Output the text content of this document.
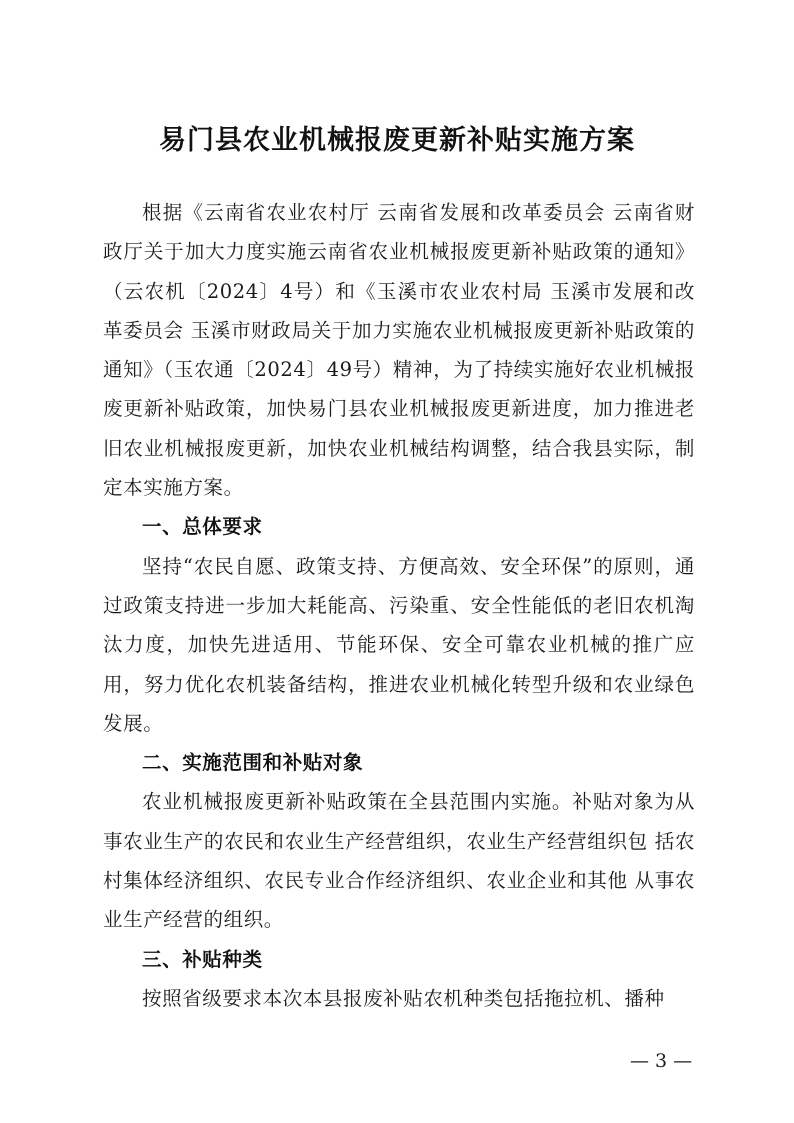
易门县农业机械报废更新补贴实施方案

根据《云南省农业农村厅 云南省发展和改革委员会 云南省财政厅关于加大力度实施云南省农业机械报废更新补贴政策的通知》（云农机〔2024〕4号）和《玉溪市农业农村局 玉溪市发展和改革委员会 玉溪市财政局关于加力实施农业机械报废更新补贴政策的通知》（玉农通〔2024〕49号）精神，为了持续实施好农业机械报废更新补贴政策，加快易门县农业机械报废更新进度，加力推进老旧农业机械报废更新，加快农业机械结构调整，结合我县实际，制定本实施方案。

一、总体要求

坚持“农民自愿、政策支持、方便高效、安全环保”的原则，通过政策支持进一步加大耗能高、污染重、安全性能低的老旧农机淘汰力度，加快先进适用、节能环保、安全可靠农业机械的推广应用，努力优化农机装备结构，推进农业机械化转型升级和农业绿色发展。

二、实施范围和补贴对象

农业机械报废更新补贴政策在全县范围内实施。补贴对象为从事农业生产的农民和农业生产经营组织，农业生产经营组织包 括农村集体经济组织、农民专业合作经济组织、农业企业和其他 从事农业生产经营的组织。

三、补贴种类

按照省级要求本次本县报废补贴农机种类包括拖拉机、播种

— 3 —
